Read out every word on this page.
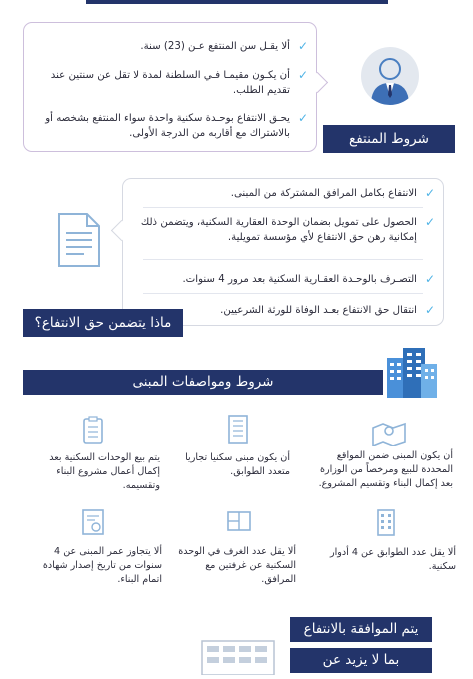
✓
ألا يقـل سن المنتفع عـن (23) سنة.
✓
أن يكـون مقيمـا فـي السلطنة لمدة لا تقل عن سنتين عند تقديم الطلب.
✓
يحـق الانتفاع بوحـدة سكنية واحدة سواء المنتفع بشخصه أو بالاشتراك مع أقاربه من الدرجة الأولى.	شروط المنتفع
✓
الانتفاع بكامل المرافق المشتركة من المبنى.
✓
الحصول على تمويل بضمان الوحدة العقارية السكنية، ويتضمن ذلك إمكانية رهن حق الانتفاع لأي مؤسسة تمويلية.
✓
التصـرف بالوحـدة العقـارية السكنية بعد مرور 4 سنوات.
✓
انتقال حق الانتفاع بعـد الوفاة للورثة الشرعيين.
ماذا يتضمن حق الانتفاع؟
شروط ومواصفات المبنى
أن يكون المبنى ضمن المواقع المحددة للبيع ومرخصاً من الوزارة بعد إكمال البناء وتقسيم المشروع.
أن يكون مبنى سكنيا تجاريا متعدد الطوابق.
يتم بيع الوحدات السكنية بعد إكمال أعمال مشروع البناء وتقسيمه.
ألا يقل عدد الطوابق عن 4 أدوار سكنية.
ألا يقل عدد الغرف في الوحدة السكنية عن غرفتين مع المرافق.
ألا يتجاوز عمر المبنى عن 4 سنوات من تاريخ إصدار شهادة اتمام البناء.
يتم الموافقة بالانتفاع
بما لا يزيد عن
